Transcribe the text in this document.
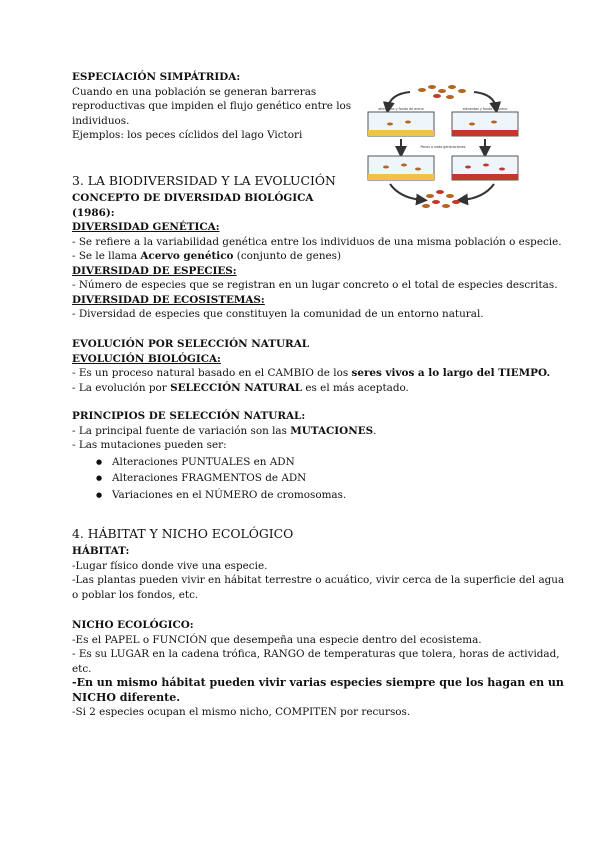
ESPECIACIÓN SIMPÁTRIDA:

Cuando en una población se generan barreras

reproductivas que impiden el flujo genético entre los

individuos.

Ejemplos: los peces cíclidos del lago Victori

alimentos y fondo de arena	alimentos y fondo de cieno
Pocas o nada generaciones

3. LA BIODIVERSIDAD Y LA EVOLUCIÓN

CONCEPTO DE DIVERSIDAD BIOLÓGICA

(1986):

DIVERSIDAD GENÉTICA:

- Se refiere a la variabilidad genética entre los individuos de una misma población o especie.

- Se le llama Acervo genético (conjunto de genes)

DIVERSIDAD DE ESPECIES:

- Número de especies que se registran en un lugar concreto o el total de especies descritas.

DIVERSIDAD DE ECOSISTEMAS:

- Diversidad de especies que constituyen la comunidad de un entorno natural.

EVOLUCIÓN POR SELECCIÓN NATURAL

EVOLUCIÓN BIOLÓGICA:

- Es un proceso natural basado en el CAMBIO de los seres vivos a lo largo del TIEMPO.

- La evolución por SELECCIÓN NATURAL es el más aceptado.

PRINCIPIOS DE SELECCIÓN NATURAL:

- La principal fuente de variación son las MUTACIONES.

- Las mutaciones pueden ser:

● Alteraciones PUNTUALES en ADN
● Alteraciones FRAGMENTOS de ADN
● Variaciones en el NÚMERO de cromosomas.

4. HÁBITAT Y NICHO ECOLÓGICO

HÁBITAT:

-Lugar físico donde vive una especie.

-Las plantas pueden vivir en hábitat terrestre o acuático, vivir cerca de la superficie del agua

o poblar los fondos, etc.

NICHO ECOLÓGICO:

-Es el PAPEL o FUNCIÓN que desempeña una especie dentro del ecosistema.

- Es su LUGAR en la cadena trófica, RANGO de temperaturas que tolera, horas de actividad,

etc.

-En un mismo hábitat pueden vivir varias especies siempre que los hagan en un

NICHO diferente.

-Si 2 especies ocupan el mismo nicho, COMPITEN por recursos.
